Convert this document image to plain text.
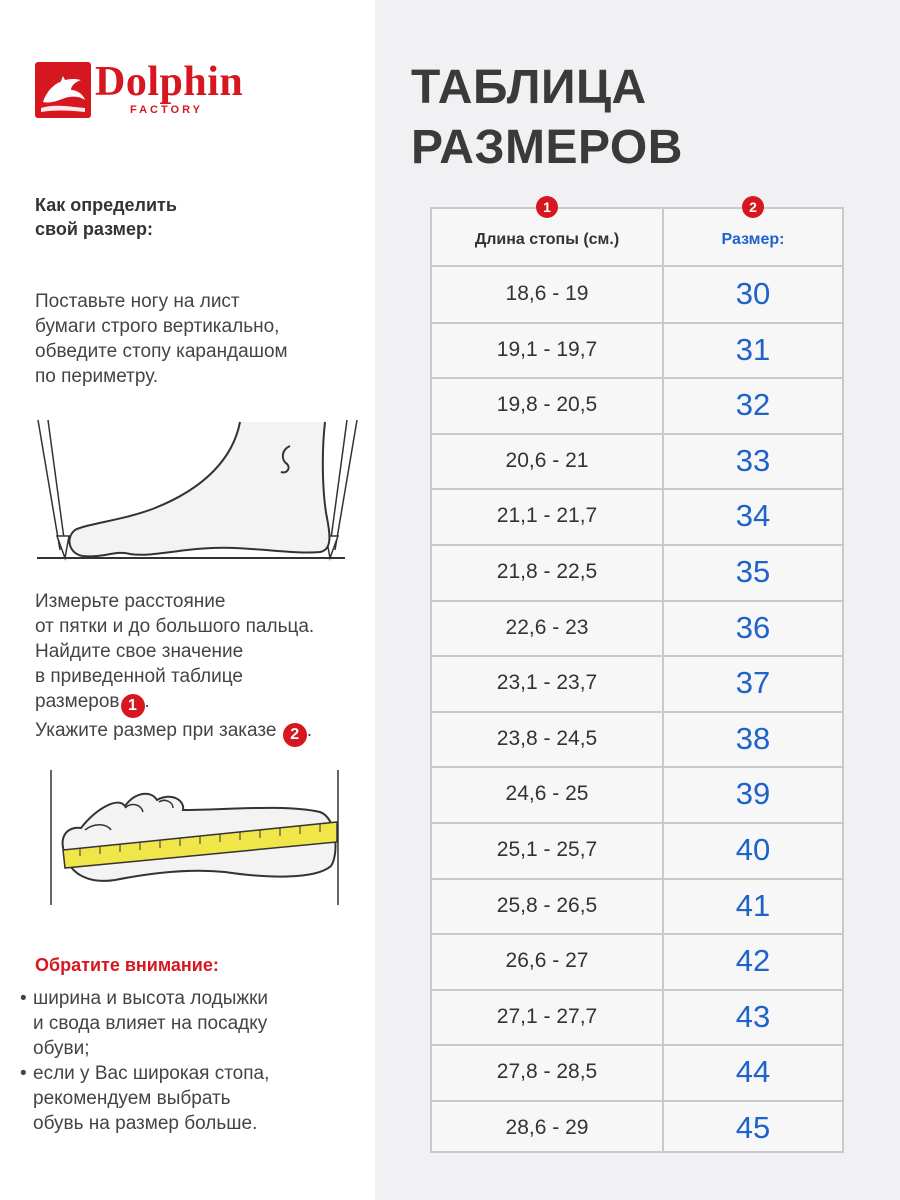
Dolphin
FACTORY
Как определить
свой размер:
Поставьте ногу на лист
бумаги строго вертикально,
обведите стопу карандашом
по периметру.
Измерьте расстояние
от пятки и до большого пальца.
Найдите свое значение
в приведенной таблице
размеров 1 .
Укажите размер при заказе 2 .
Обратите внимание:
• ширина и высота лодыжки
и свода влияет на посадку
обуви;
• если у Вас широкая стопа,
рекомендуем выбрать
обувь на размер больше.
ТАБЛИЦА
РАЗМЕРОВ
Длина стопы (см.)	Размер:
1	2
18,6 - 19	30
19,1 - 19,7	31
19,8 - 20,5	32
20,6 - 21	33
21,1 - 21,7	34
21,8 - 22,5	35
22,6 - 23	36
23,1 - 23,7	37
23,8 - 24,5	38
24,6 - 25	39
25,1 - 25,7	40
25,8 - 26,5	41
26,6 - 27	42
27,1 - 27,7	43
27,8 - 28,5	44
28,6 - 29	45
